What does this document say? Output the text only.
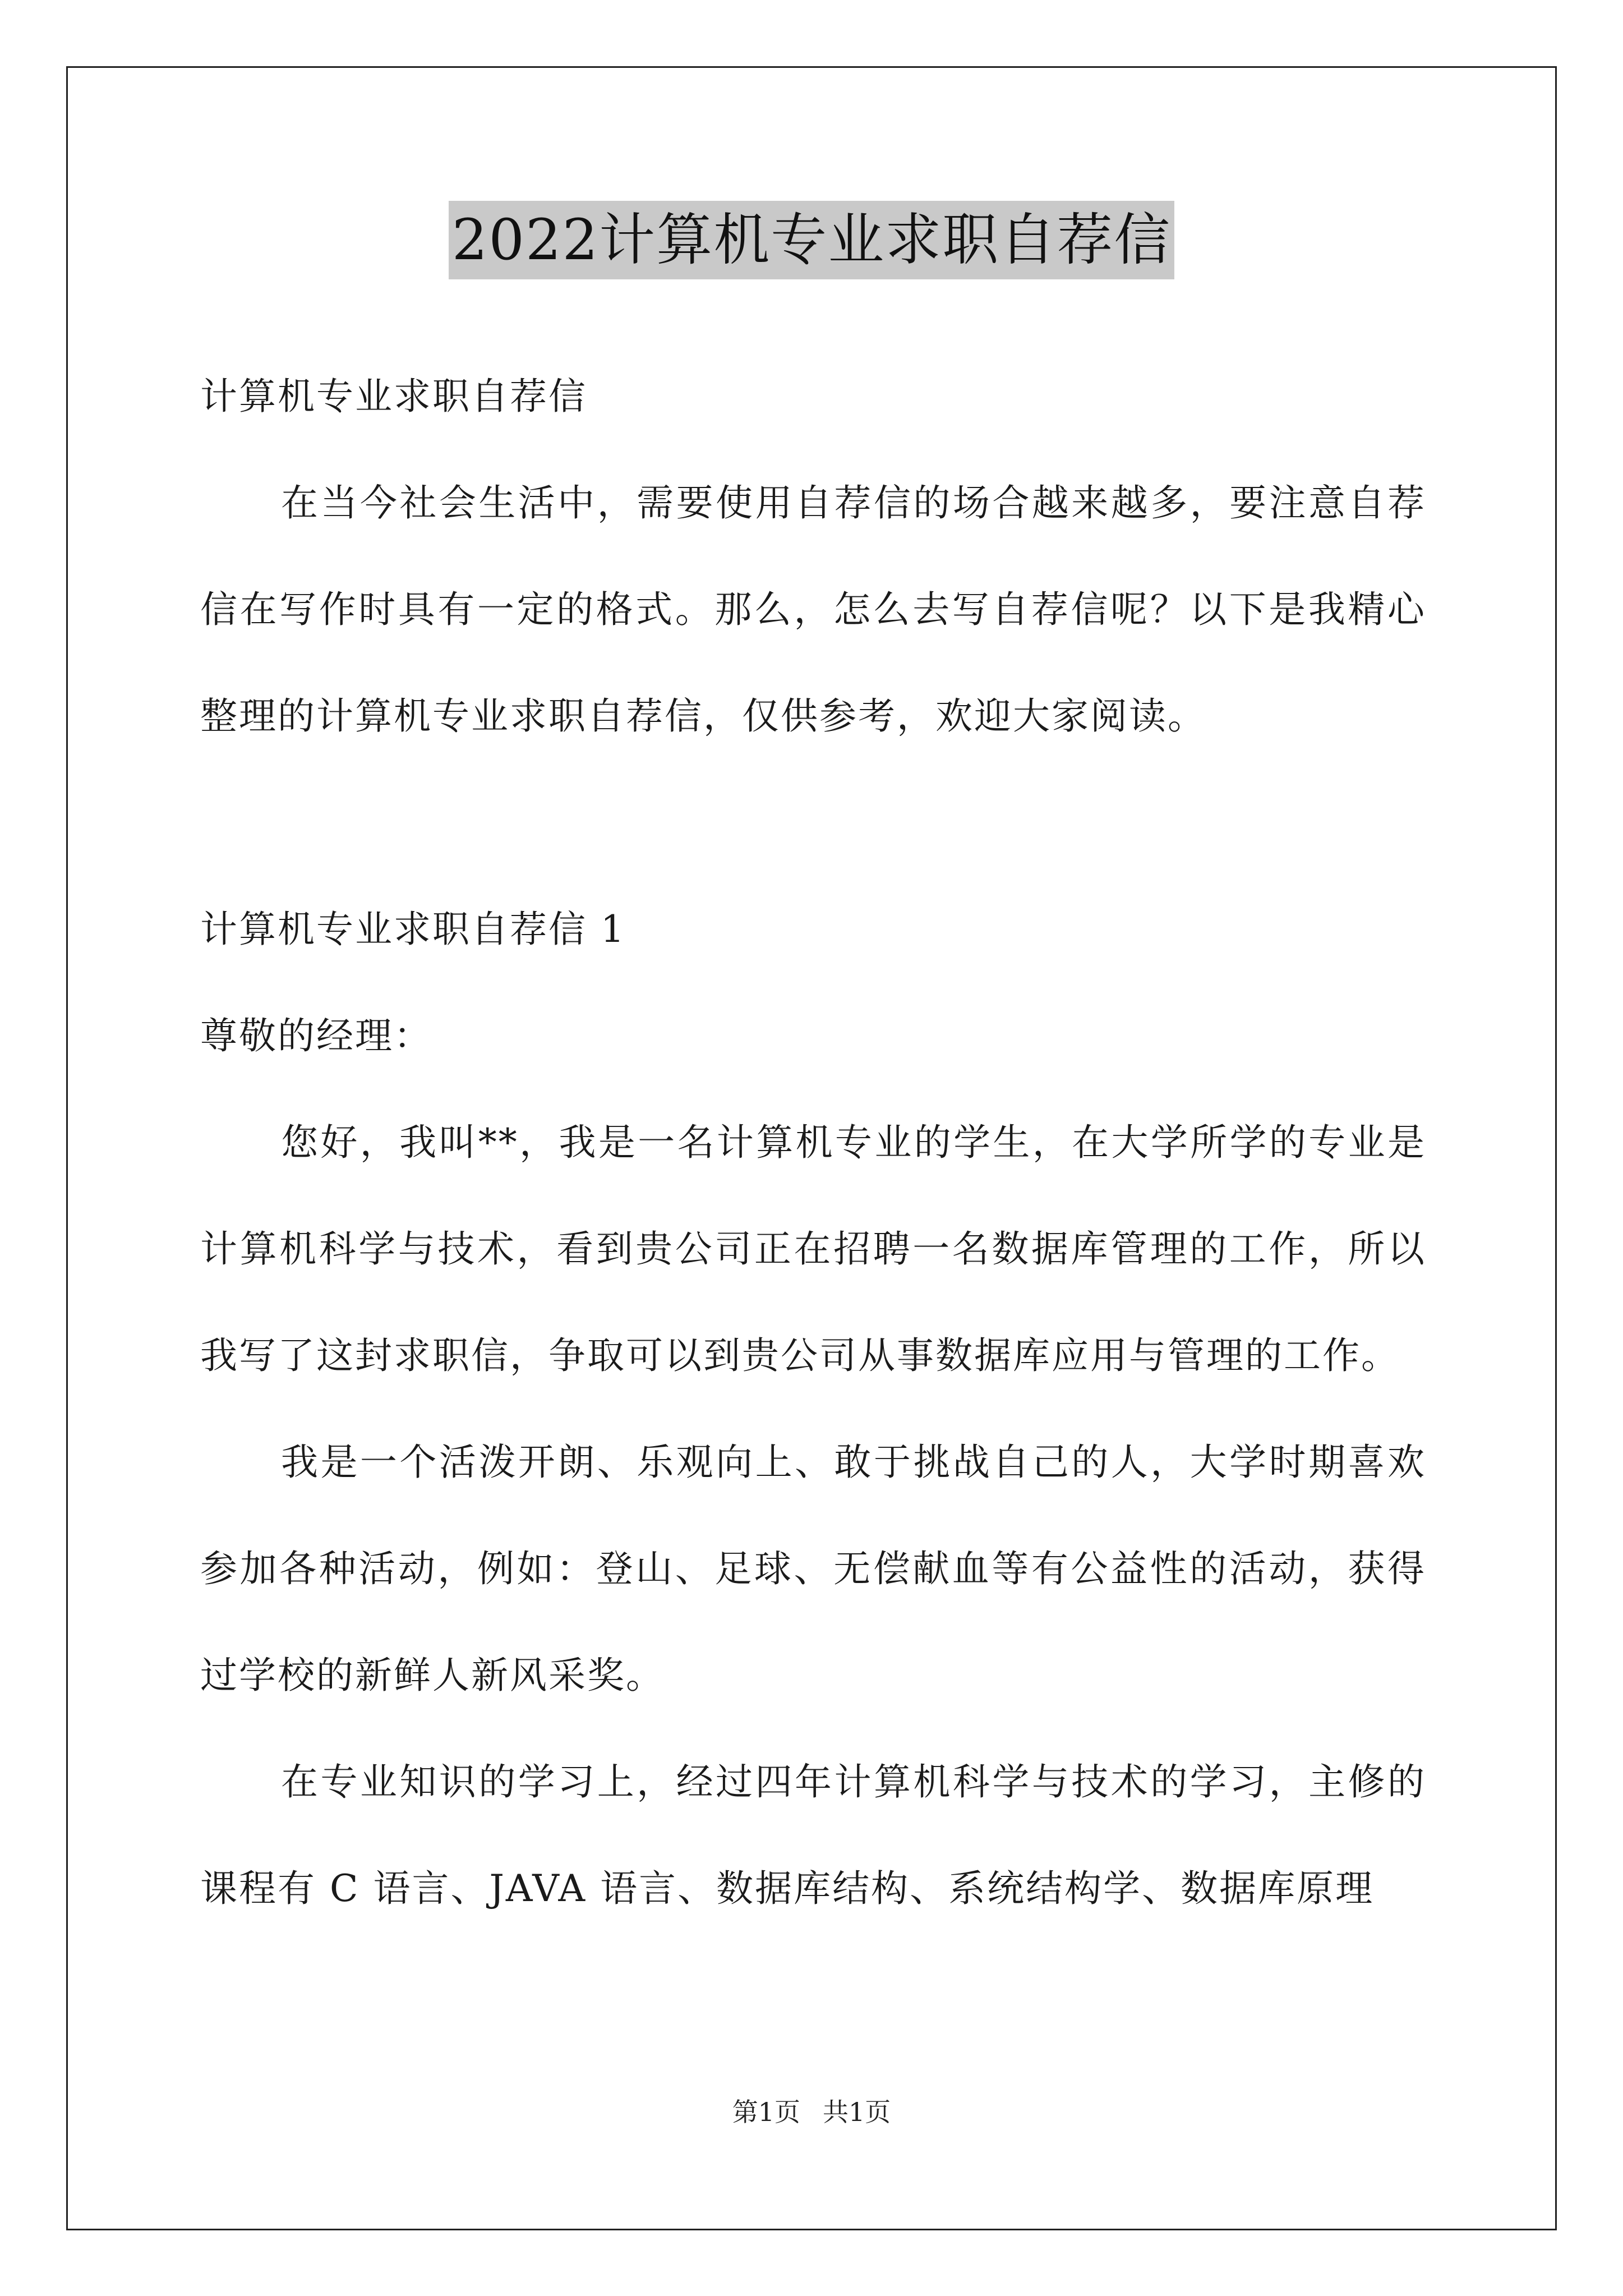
2022计算机专业求职自荐信

计算机专业求职自荐信

在当今社会生活中，需要使用自荐信的场合越来越多，要注意自荐信在写作时具有一定的格式。那么，怎么去写自荐信呢？以下是我精心整理的计算机专业求职自荐信，仅供参考，欢迎大家阅读。

计算机专业求职自荐信 1

尊敬的经理：

您好，我叫**，我是一名计算机专业的学生，在大学所学的专业是计算机科学与技术，看到贵公司正在招聘一名数据库管理的工作，所以我写了这封求职信，争取可以到贵公司从事数据库应用与管理的工作。

我是一个活泼开朗、乐观向上、敢于挑战自己的人，大学时期喜欢参加各种活动，例如：登山、足球、无偿献血等有公益性的活动，获得过学校的新鲜人新风采奖。

在专业知识的学习上，经过四年计算机科学与技术的学习，主修的课程有 C 语言、JAVA 语言、数据库结构、系统结构学、数据库原理

第1页 共1页
